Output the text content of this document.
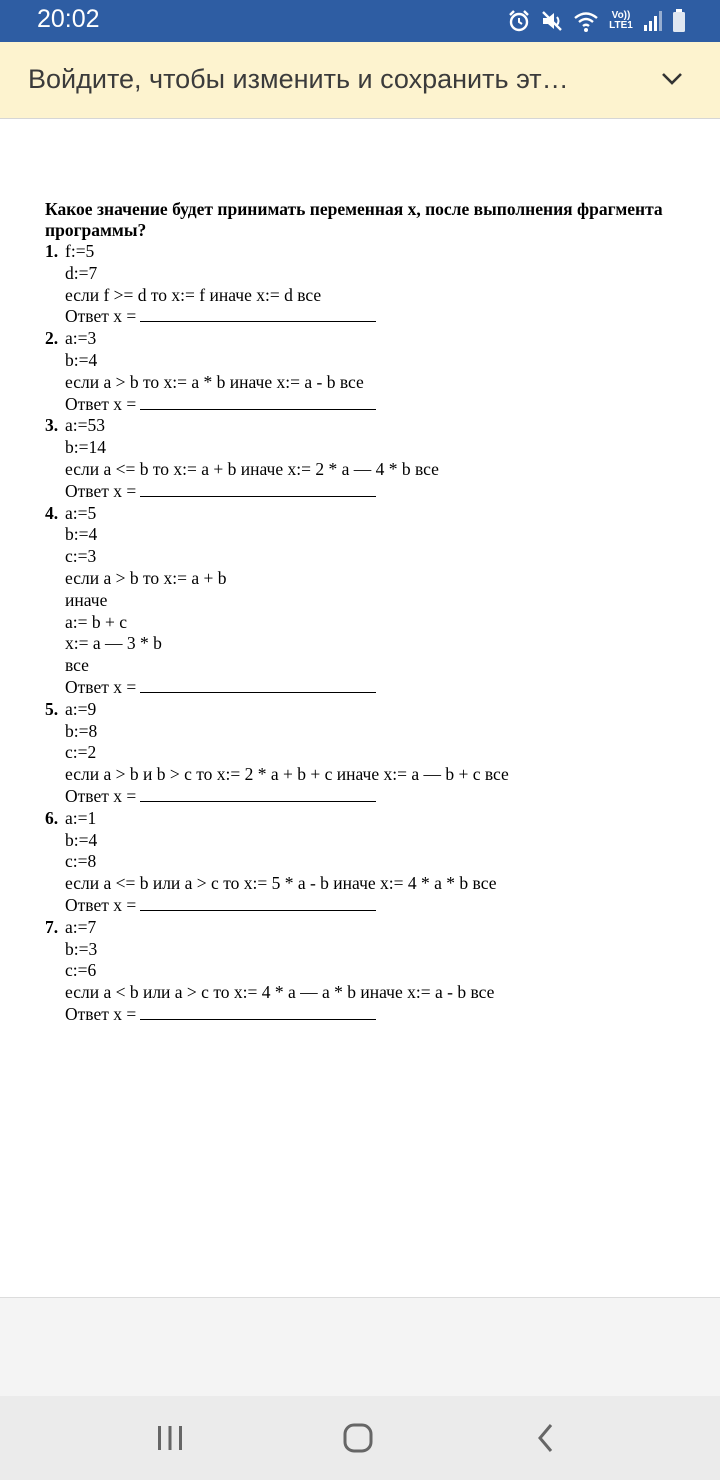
20:02	Vo)) LTE1
Войдите, чтобы изменить и сохранить эт…
Какое значение будет принимать переменная x, после выполнения фрагмента программы?
1. f:=5
d:=7
если f >= d то x:= f иначе x:= d все
Ответ x =
2. a:=3
b:=4
если a > b то x:= a * b иначе x:= a - b все
Ответ x =
3. a:=53
b:=14
если a <= b то x:= a + b иначе x:= 2 * a — 4 * b все
Ответ x =
4. a:=5
b:=4
c:=3
если a > b то x:= a + b
иначе
a:= b + c
x:= a — 3 * b
все
Ответ x =
5. a:=9
b:=8
c:=2
если a > b и b > c то x:= 2 * a + b + c иначе x:= a — b + c все
Ответ x =
6. a:=1
b:=4
c:=8
если a <= b или a > c то x:= 5 * a - b иначе x:= 4 * a * b все
Ответ x =
7. a:=7
b:=3
c:=6
если a < b или a > c то x:= 4 * a — a * b иначе x:= a - b все
Ответ x =
